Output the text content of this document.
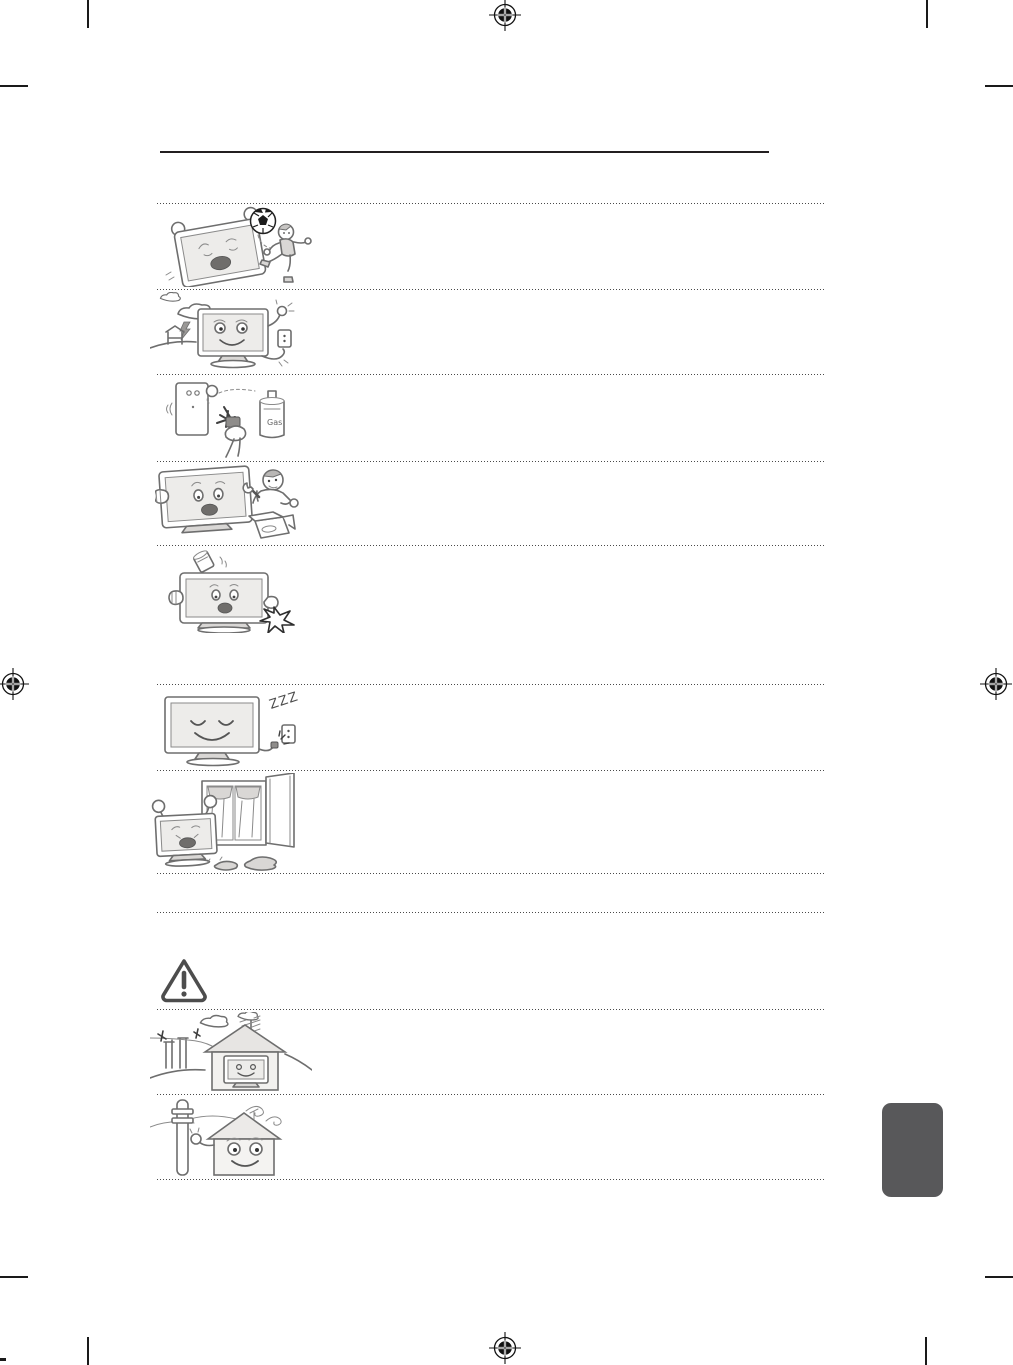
Gas
ZZZ
